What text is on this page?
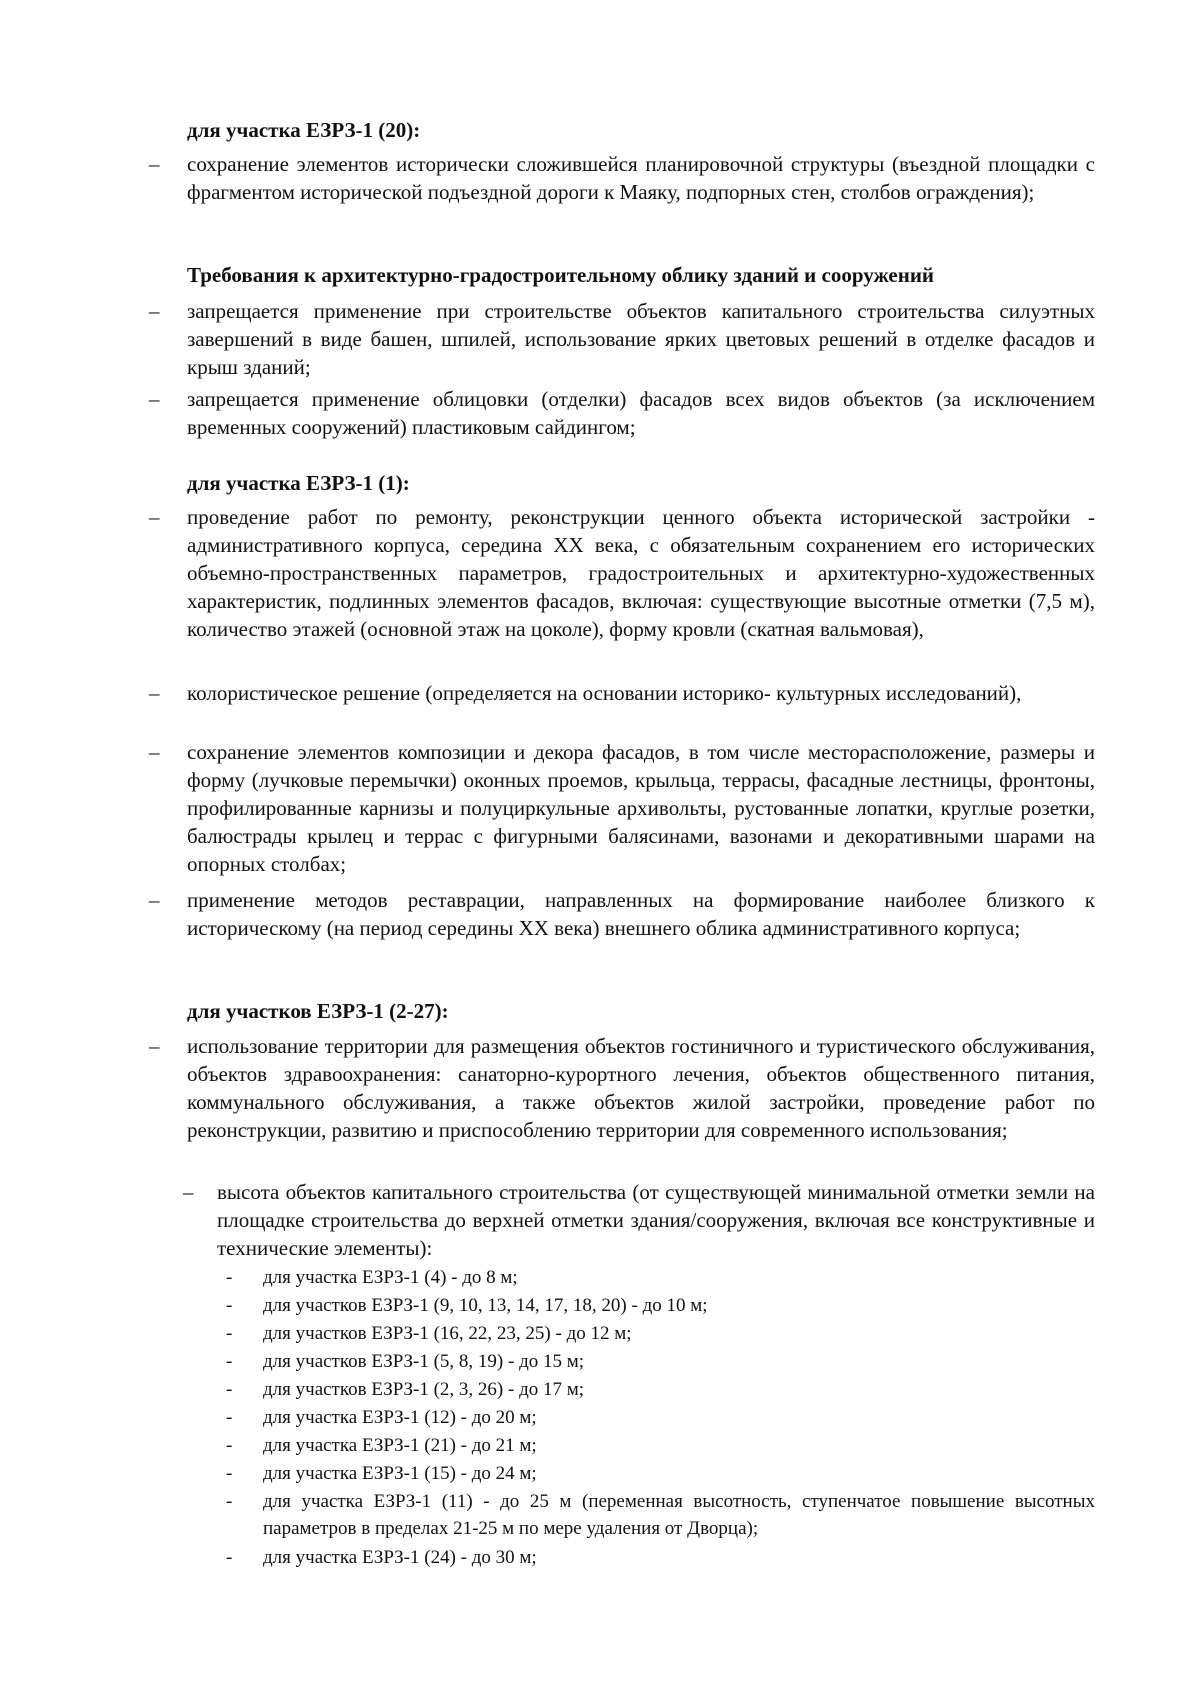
для участка ЕЗРЗ-1 (20):
– сохранение элементов исторически сложившейся планировочной структуры (въездной площадки с фрагментом исторической подъездной дороги к Маяку, подпорных стен, столбов ограждения);
Требования к архитектурно-градостроительному облику зданий и сооружений
– запрещается применение при строительстве объектов капитального строительства силуэтных завершений в виде башен, шпилей, использование ярких цветовых решений в отделке фасадов и крыш зданий;
– запрещается применение облицовки (отделки) фасадов всех видов объектов (за исключением временных сооружений) пластиковым сайдингом;
для участка ЕЗРЗ-1 (1):
– проведение работ по ремонту, реконструкции ценного объекта исторической застройки - административного корпуса, середина XX века, с обязательным сохранением его исторических объемно-пространственных параметров, градостроительных и архитектурно-художественных характеристик, подлинных элементов фасадов, включая: существующие высотные отметки (7,5 м), количество этажей (основной этаж на цоколе), форму кровли (скатная вальмовая),
– колористическое решение (определяется на основании историко- культурных исследований),
– сохранение элементов композиции и декора фасадов, в том числе месторасположение, размеры и форму (лучковые перемычки) оконных проемов, крыльца, террасы, фасадные лестницы, фронтоны, профилированные карнизы и полуциркульные архивольты, рустованные лопатки, круглые розетки, балюстрады крылец и террас с фигурными балясинами, вазонами и декоративными шарами на опорных столбах;
– применение методов реставрации, направленных на формирование наиболее близкого к историческому (на период середины XX века) внешнего облика административного корпуса;
для участков ЕЗРЗ-1 (2-27):
– использование территории для размещения объектов гостиничного и туристического обслуживания, объектов здравоохранения: санаторно-курортного лечения, объектов общественного питания, коммунального обслуживания, а также объектов жилой застройки, проведение работ по реконструкции, развитию и приспособлению территории для современного использования;
– высота объектов капитального строительства (от существующей минимальной отметки земли на площадке строительства до верхней отметки здания/сооружения, включая все конструктивные и технические элементы):
- для участка ЕЗРЗ-1 (4) - до 8 м;
- для участков ЕЗРЗ-1 (9, 10, 13, 14, 17, 18, 20) - до 10 м;
- для участков ЕЗРЗ-1 (16, 22, 23, 25) - до 12 м;
- для участков ЕЗРЗ-1 (5, 8, 19) - до 15 м;
- для участков ЕЗРЗ-1 (2, 3, 26) - до 17 м;
- для участка ЕЗРЗ-1 (12) - до 20 м;
- для участка ЕЗРЗ-1 (21) - до 21 м;
- для участка ЕЗРЗ-1 (15) - до 24 м;
- для участка ЕЗРЗ-1 (11) - до 25 м (переменная высотность, ступенчатое повышение высотных параметров в пределах 21-25 м по мере удаления от Дворца);
- для участка ЕЗРЗ-1 (24) - до 30 м;
